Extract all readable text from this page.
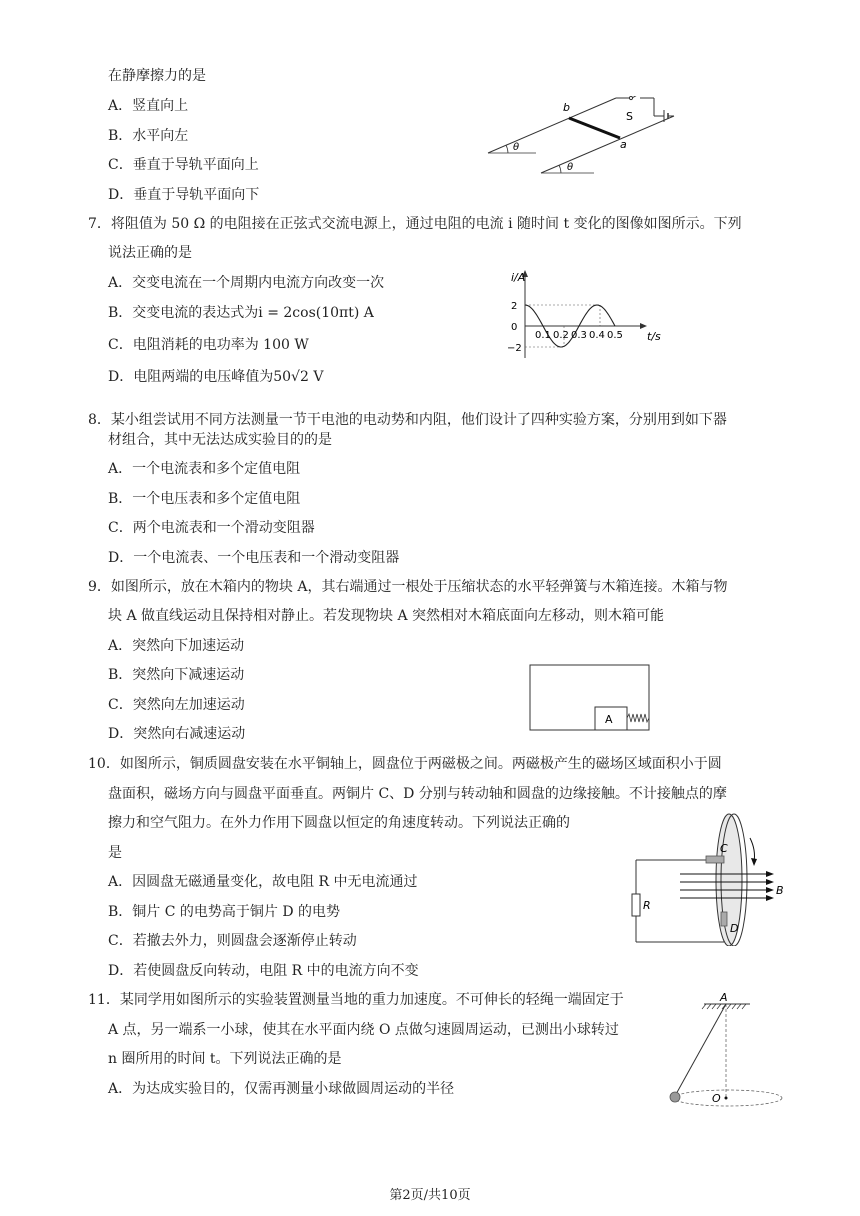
在静摩擦力的是
A．竖直向上
B．水平向左
C．垂直于导轨平面向上
D．垂直于导轨平面向下
b
a
S
θ
θ
7．将阻值为 50 Ω 的电阻接在正弦式交流电源上，通过电阻的电流 i 随时间 t 变化的图像如图所示。下列
说法正确的是
A．交变电流在一个周期内电流方向改变一次
B．交变电流的表达式为i = 2cos(10πt) A
C．电阻消耗的电功率为 100 W
D．电阻两端的电压峰值为50√2 V
i/A
t/s
2
0
−2
0.1 0.2 0.3 0.4 0.5
8．某小组尝试用不同方法测量一节干电池的电动势和内阻，他们设计了四种实验方案，分别用到如下器
材组合，其中无法达成实验目的的是
A．一个电流表和多个定值电阻
B．一个电压表和多个定值电阻
C．两个电流表和一个滑动变阻器
D．一个电流表、一个电压表和一个滑动变阻器
9．如图所示，放在木箱内的物块 A，其右端通过一根处于压缩状态的水平轻弹簧与木箱连接。木箱与物
块 A 做直线运动且保持相对静止。若发现物块 A 突然相对木箱底面向左移动，则木箱可能
A．突然向下加速运动
B．突然向下减速运动
C．突然向左加速运动
D．突然向右减速运动
A
10．如图所示，铜质圆盘安装在水平铜轴上，圆盘位于两磁极之间。两磁极产生的磁场区域面积小于圆
盘面积，磁场方向与圆盘平面垂直。两铜片 C、D 分别与转动轴和圆盘的边缘接触。不计接触点的摩
擦力和空气阻力。在外力作用下圆盘以恒定的角速度转动。下列说法正确的
是
A．因圆盘无磁通量变化，故电阻 R 中无电流通过
B．铜片 C 的电势高于铜片 D 的电势
C．若撤去外力，则圆盘会逐渐停止转动
D．若使圆盘反向转动，电阻 R 中的电流方向不变
R
C
D
B
11．某同学用如图所示的实验装置测量当地的重力加速度。不可伸长的轻绳一端固定于
A 点，另一端系一小球，使其在水平面内绕 O 点做匀速圆周运动，已测出小球转过
n 圈所用的时间 t。下列说法正确的是
A．为达成实验目的，仅需再测量小球做圆周运动的半径
A
O
第2页/共10页
